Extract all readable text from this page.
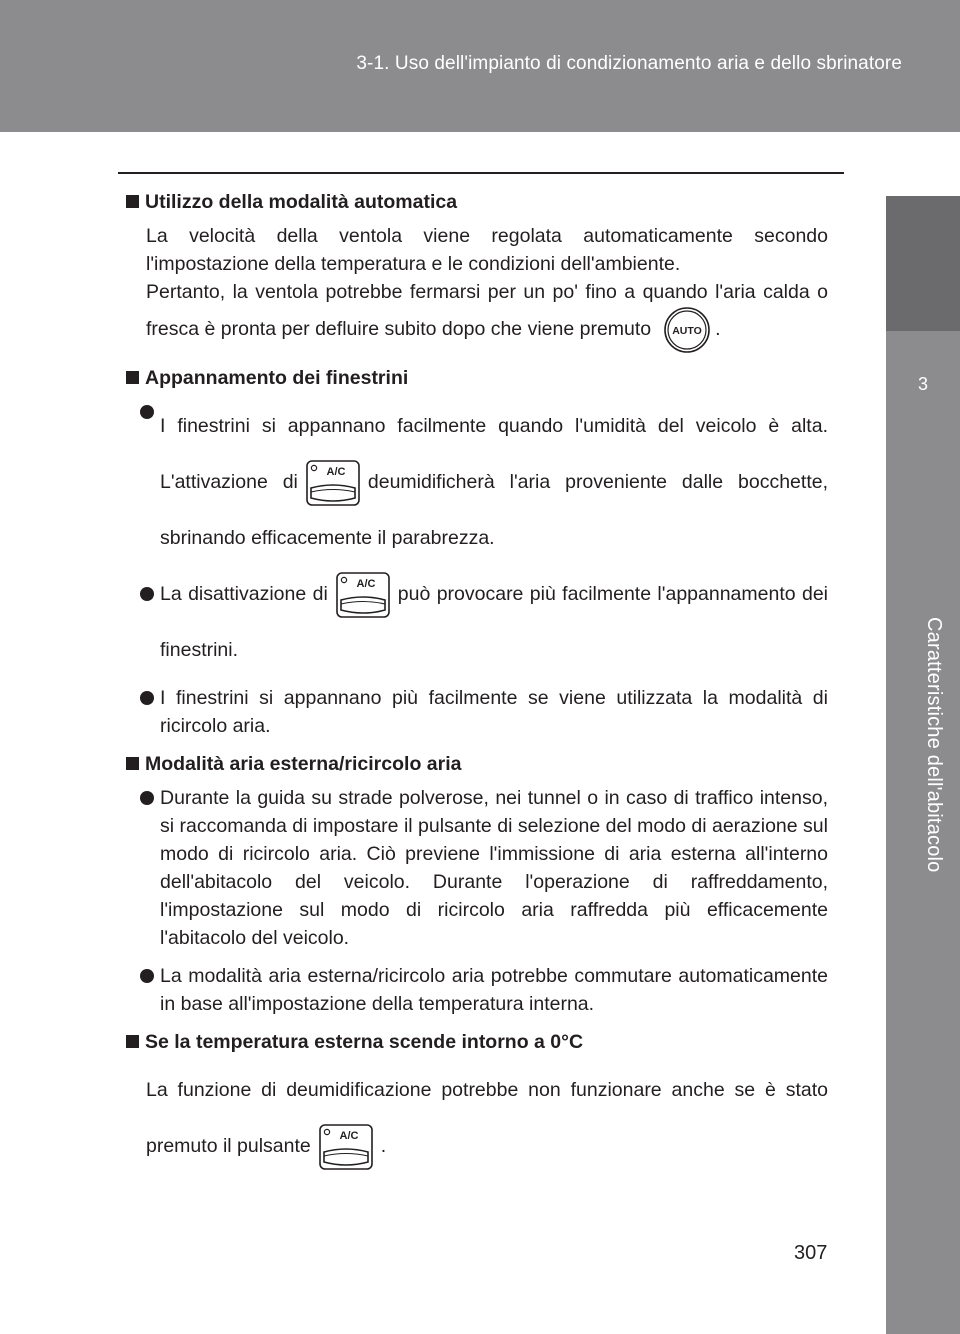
3-1. Uso dell'impianto di condizionamento aria e dello sbrinatore
3
Caratteristiche dell'abitacolo

Utilizzo della modalità automatica

La velocità della ventola viene regolata automaticamente secondo l'impostazione della temperatura e le condizioni dell'ambiente.

Pertanto, la ventola potrebbe fermarsi per un po' fino a quando l'aria calda o fresca è pronta per defluire subito dopo che viene premuto AUTO .

Appannamento dei finestrini

I finestrini si appannano facilmente quando l'umidità del veicolo è alta. L'attivazione di	A/C deumidificherà l'aria proveniente dalle bocchette, sbrinando efficacemente il parabrezza.

La disattivazione di	A/C può provocare più facilmente l'appannamento dei finestrini.

I finestrini si appannano più facilmente se viene utilizzata la modalità di ricircolo aria.

Modalità aria esterna/ricircolo aria

Durante la guida su strade polverose, nei tunnel o in caso di traffico intenso, si raccomanda di impostare il pulsante di selezione del modo di aerazione sul modo di ricircolo aria. Ciò previene l'immissione di aria esterna all'interno dell'abitacolo del veicolo. Durante l'operazione di raffreddamento, l'impostazione sul modo di ricircolo aria raffredda più efficacemente l'abitacolo del veicolo.

La modalità aria esterna/ricircolo aria potrebbe commutare automaticamente in base all'impostazione della temperatura interna.

Se la temperatura esterna scende intorno a 0°C

La funzione di deumidificazione potrebbe non funzionare anche se è stato premuto il pulsante	A/C .

307
